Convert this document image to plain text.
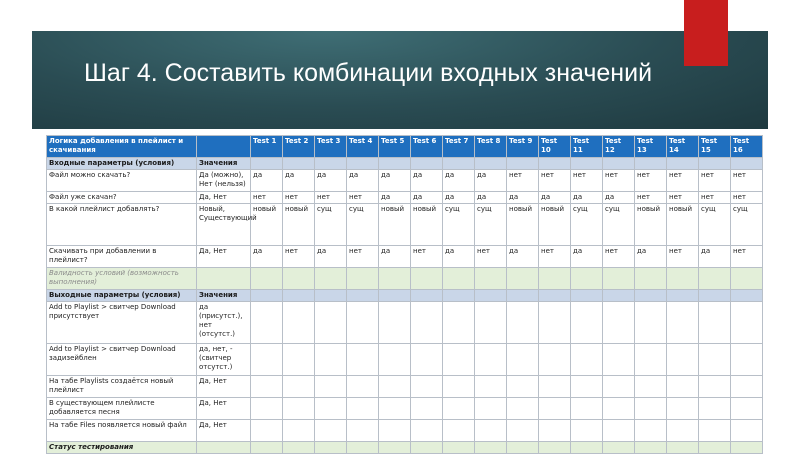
Шаг 4. Составить комбинации входных значений
Логика добавления в плейлист и скачивания		Test 1	Test 2	Test 3	Test 4	Test 5	Test 6	Test 7	Test 8	Test 9	Test 10	Test 11	Test 12	Test 13	Test 14	Test 15	Test 16
Входные параметры (условия)	Значения																
Файл можно скачать?	Да (можно), Нет (нельзя)	да	да	да	да	да	да	да	да	нет	нет	нет	нет	нет	нет	нет	нет
Файл уже скачан?	Да, Нет	нет	нет	нет	нет	да	да	да	да	да	да	да	да	нет	нет	нет	нет
В какой плейлист добавлять?	Новый, Существующий	новый	новый	сущ	сущ	новый	новый	сущ	сущ	новый	новый	сущ	сущ	новый	новый	сущ	сущ
Скачивать при добавлении в плейлист?	Да, Нет	да	нет	да	нет	да	нет	да	нет	да	нет	да	нет	да	нет	да	нет
Валидность условий (возможность выполнения)																	
Выходные параметры (условия)	Значения																
Add to Playlist > свитчер Download присутствует	да (присутст.), нет (отсутст.)																
Add to Playlist > свитчер Download задизейблен	да, нет, - (свитчер отсутст.)																
На табе Playlists создаётся новый плейлист	Да, Нет																
В существующем плейлисте добавляется песня	Да, Нет																
На табе Files появляется новый файл	Да, Нет																
Статус тестирования																	
